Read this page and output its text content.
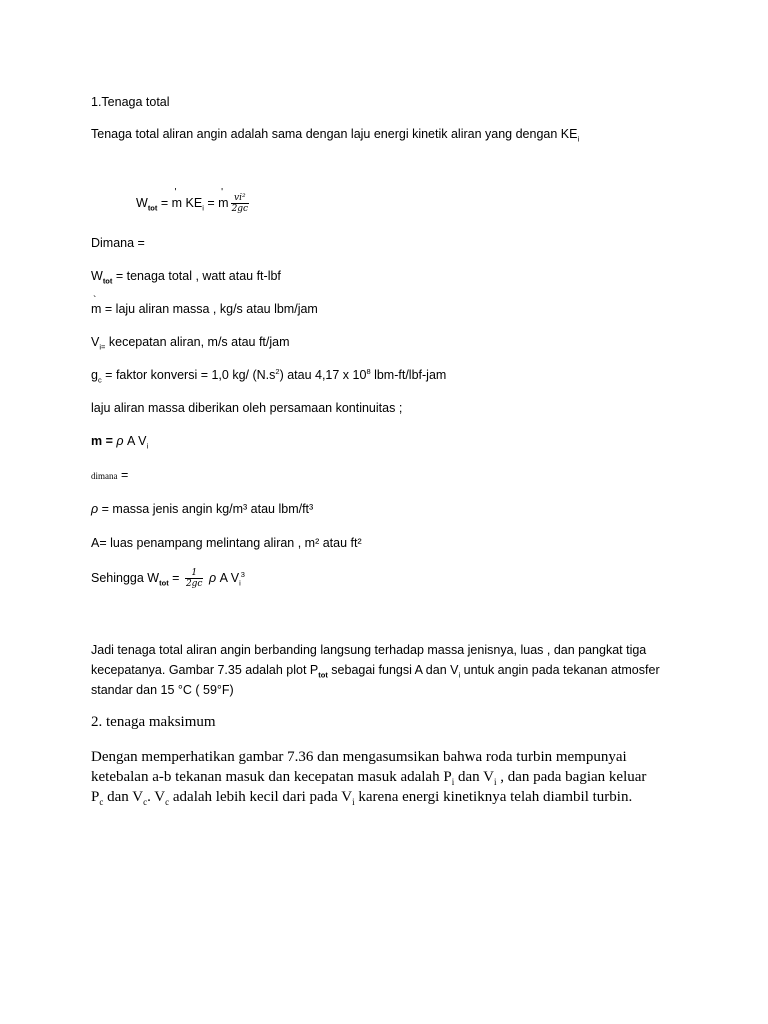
1.Tenaga total
Tenaga total aliran angin adalah sama dengan laju energi kinetik aliran yang dengan $KE_i$
$W_{tot}$ = ' m $KE_i$ = ' m $\frac{\text{vi²}}{2gc}$
Dimana =
$W_{tot}$ = tenaga total , watt atau ft-lbf
` m = laju aliran massa , kg/s atau lbm/jam
$V_{i=}$ kecepatan aliran, m/s atau ft/jam
$g_c$ = faktor konversi = 1,0 kg/ $(N.s^2)$ atau 4,17 x $10^8$ lbm-ft/lbf-jam
laju aliran massa diberikan oleh persamaan kontinuitas ;
m = ρ A $V_i$
dimana =
ρ = massa jenis angin kg/m³ atau lbm/ft³
A= luas penampang melintang aliran , m² atau ft²
Sehingga $W_{tot} = \frac{1}{2gc}$ ρ A $V_i^3$
Jadi tenaga total aliran angin berbanding langsung terhadap massa jenisnya, luas , dan pangkat tiga kecepatanya. Gambar 7.35 adalah plot $P_{tot}$ sebagai fungsi A dan $V_i$ untuk angin pada tekanan atmosfer standar dan 15 °C ( 59°F)
2. tenaga maksimum
Dengan memperhatikan gambar 7.36 dan mengasumsikan bahwa roda turbin mempunyai ketebalan a-b tekanan masuk dan kecepatan masuk adalah $P_i$ dan $V_i$ , dan pada bagian keluar $P_c$ dan $V_c$. $V_c$ adalah lebih kecil dari pada $V_i$ karena energi kinetiknya telah diambil turbin.
